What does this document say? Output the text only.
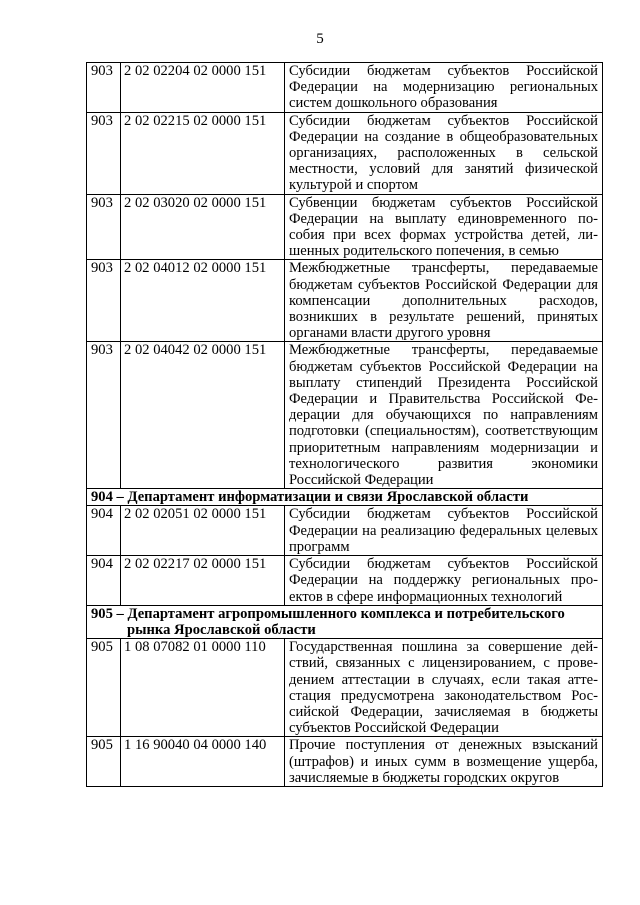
5
903	2 02 02204 02 0000 151	Субсидии бюджетам субъектов Российской Федерации на модернизацию региональных систем дошкольного образования
903	2 02 02215 02 0000 151	Субсидии бюджетам субъектов Российской Федерации на создание в общеобразовательных организациях, расположенных в сельской местности, условий для занятий физической культурой и спортом
903	2 02 03020 02 0000 151	Субвенции бюджетам субъектов Российской Федерации на выплату единовременного пособия при всех формах устройства детей, лишенных родительского попечения, в семью
903	2 02 04012 02 0000 151	Межбюджетные трансферты, передаваемые бюджетам субъектов Российской Федерации для компенсации дополнительных расходов, возникших в результате решений, принятых органами власти другого уровня
903	2 02 04042 02 0000 151	Межбюджетные трансферты, передаваемые бюджетам субъектов Российской Федерации на выплату стипендий Президента Российской Федерации и Правительства Российской Федерации для обучающихся по направлениям подготовки (специальностям), соответствующим приоритетным направлениям модернизации и технологического развития экономики Российской Федерации
904 – Департамент информатизации и связи Ярославской области		
904	2 02 02051 02 0000 151	Субсидии бюджетам субъектов Российской Федерации на реализацию федеральных целевых программ
904	2 02 02217 02 0000 151	Субсидии бюджетам субъектов Российской Федерации на поддержку региональных проектов в сфере информационных технологий
905 – Департамент агропромышленного комплекса и потребительского
рынка Ярославской области		

905	1 08 07082 01 0000 110	Государственная пошлина за совершение действий, связанных с лицензированием, с проведением аттестации в случаях, если такая аттестация предусмотрена законодательством Российской Федерации, зачисляемая в бюджеты субъектов Российской Федерации
905	1 16 90040 04 0000 140	Прочие поступления от денежных взысканий (штрафов) и иных сумм в возмещение ущерба, зачисляемые в бюджеты городских округов
